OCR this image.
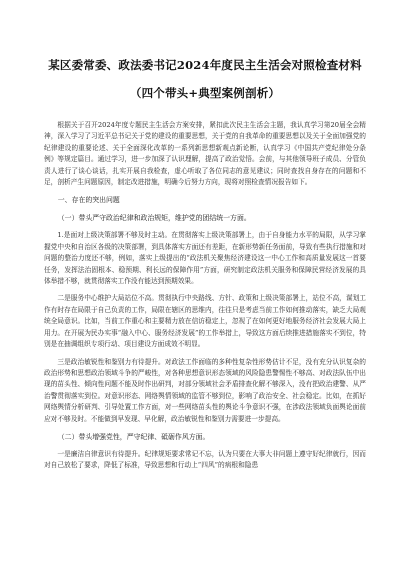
某区委常委、政法委书记2024年度民主生活会对照检查材料
（四个带头+典型案例剖析）

根据关于召开2024年度专题民主生活会方案安排，紧扣此次民主生活会主题，我认真学习第20届全会精神，深入学习了习近平总书记关于党的建设的重要思想，关于党的自我革命的重要思想以及关于全面加强党的纪律建设的重要论述、关于全面深化改革的一系列新思想新观点新论断，认真学习《中国共产党纪律处分条例》等规定篇目。通过学习，进一步加深了认识理解，提高了政治觉悟。会前，与其他领导班子成员、分管负责人进行了谈心谈话，扎实开展自我检查，虚心听取了各位同志的意见建议；同时查找自身存在的问题和不足，剖析产生问题原因，制定改进措施，明确今后努力方向，现将对照检查情况报告如下。

一、存在的突出问题

（一）带头严守政治纪律和政治规矩，维护党的团结统一方面。

1.是面对上级决策部署不够及时主动。在贯彻落实上级决策部署上，由于自身能力水平的局限，从学习掌握党中央和自治区各级的决策部署，到具体落实方面还有差距，在新形势新任务面前，导致有些执行措施和对问题的整治力度还不够，例如，落实上级提出的“政法机关聚焦经济建设这一中心工作和高质量发展这一首要任务，发挥法治固根本、稳预期、利长远的保障作用”方面，研究制定政法机关服务和保障民营经济发展的具体举措不够，就贯彻落实工作没有能达到预期效果。

二是服务中心维护大局站位不高。贯彻执行中央路线、方针、政策和上级决策部署上，站位不高，谋划工作有时存在局限于自己负责的工作，局限在辖区的思维内，往往只是考虑当前工作如何推动落实，缺乏大局观统全局意识。比如，当前工作重心和主要精力放在信访稳定上，忽视了在如何更好地服务经济社会发展大局上用力。在开展为民办实事“融入中心、服务经济发展”的工作举措上，导致这方面后续推进措施落实不到位，特别是在抽调组织专项行动、项目建设方面成效不明显。

三是政治敏锐性和鉴别力有待提升。对政法工作面临的多种性复杂性形势估计不足，没有充分认识复杂的政治形势和思想政治领域斗争的严峻性，对各种思想意识形态领域的风险隐患警惕性不够高、对政法队伍中出现的苗头性、倾向性问题不能及时作出研判，对部分领域社会矛盾排查化解不够深入，没有把政治建警、从严治警贯彻落实到位。对意识形态、网络舆情领域的监管不够到位，影响了政治安全、社会稳定。比如，在抓好网络舆情分析研判、引导处置工作方面，对一些网络苗头性的舆论斗争意识不强，在涉政法领域负面舆论面前应对不够及时。不能做到早发现、早化解，政治敏锐性和鉴别力需要进一步提高。

（二）带头增强党性，严守纪律、砥砺作风方面。

一是廉洁自律意识有待提升。纪律规矩要求常记不忘，认为只要在大事大非问题上遵守好纪律就行，因而对自己放松了要求，降低了标准，导致思想和行动上“四风”的病根和隐患
